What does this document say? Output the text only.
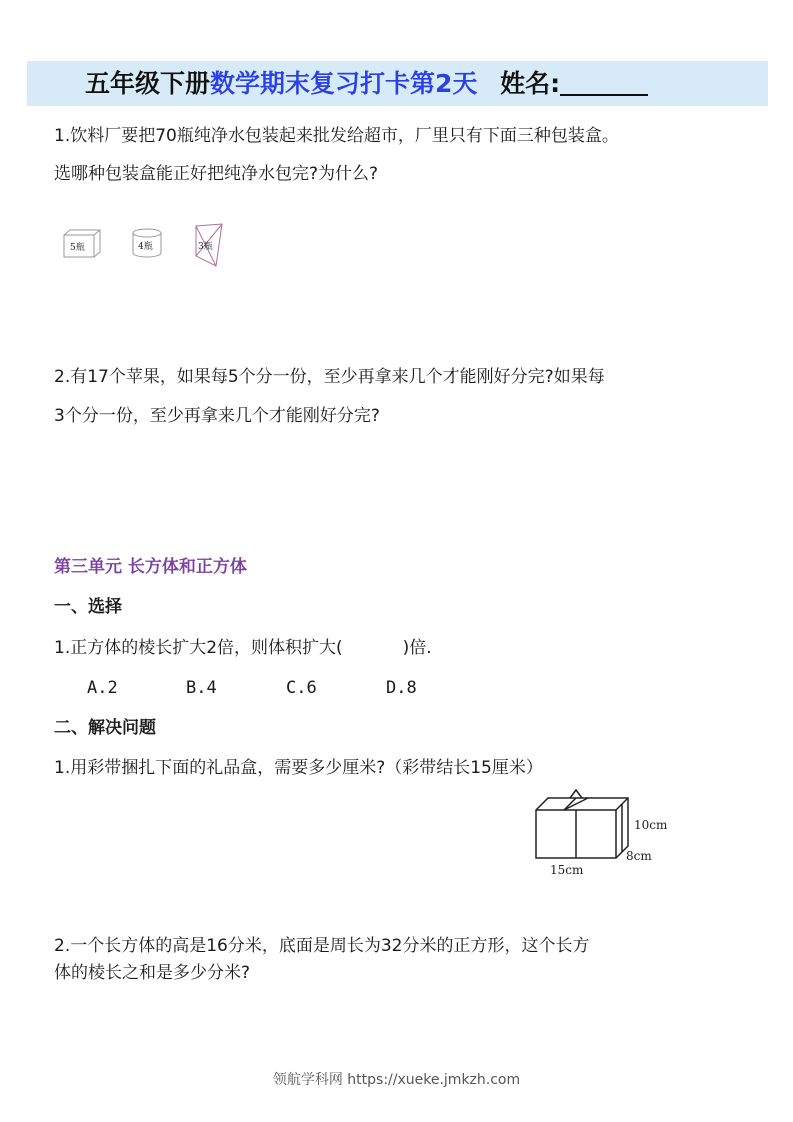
五年级下册数学期末复习打卡第2天 姓名:
1.饮料厂要把70瓶纯净水包装起来批发给超市，厂里只有下面三种包装盒。
选哪种包装盒能正好把纯净水包完?为什么?
5瓶	4瓶	3瓶
2.有17个苹果，如果每5个分一份，至少再拿来几个才能刚好分完?如果每
3个分一份，至少再拿来几个才能刚好分完?
第三单元 长方体和正方体
一、选择
1.正方体的棱长扩大2倍，则体积扩大(	)倍.
A.2	B.4	C.6	D.8
二、解决问题
1.用彩带捆扎下面的礼品盒，需要多少厘米?（彩带结长15厘米）
10cm
8cm
15cm
2.一个长方体的高是16分米，底面是周长为32分米的正方形，这个长方
体的棱长之和是多少分米?
领航学科网 https://xueke.jmkzh.com
